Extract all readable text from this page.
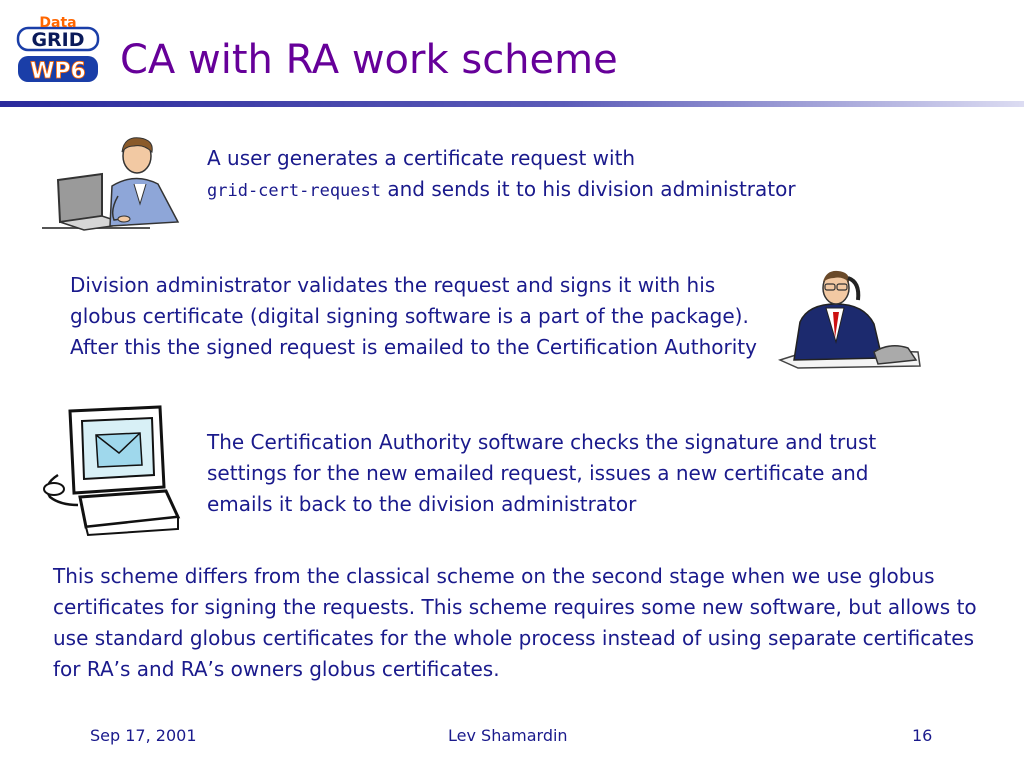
Data
GRID
WP6 CA with RA work scheme

A user generates a certificate request with
grid-cert-request and sends it to his division administrator

Division administrator validates the request and signs it with his globus certificate (digital signing software is a part of the package). After this the signed request is emailed to the Certification Authority

The Certification Authority software checks the signature and trust settings for the new emailed request, issues a new certificate and emails it back to the division administrator

This scheme differs from the classical scheme on the second stage when we use globus certificates for signing the requests. This scheme requires some new software, but allows to use standard globus certificates for the whole process instead of using separate certificates for RA’s and RA’s owners globus certificates.

Sep 17, 2001	Lev Shamardin	16
